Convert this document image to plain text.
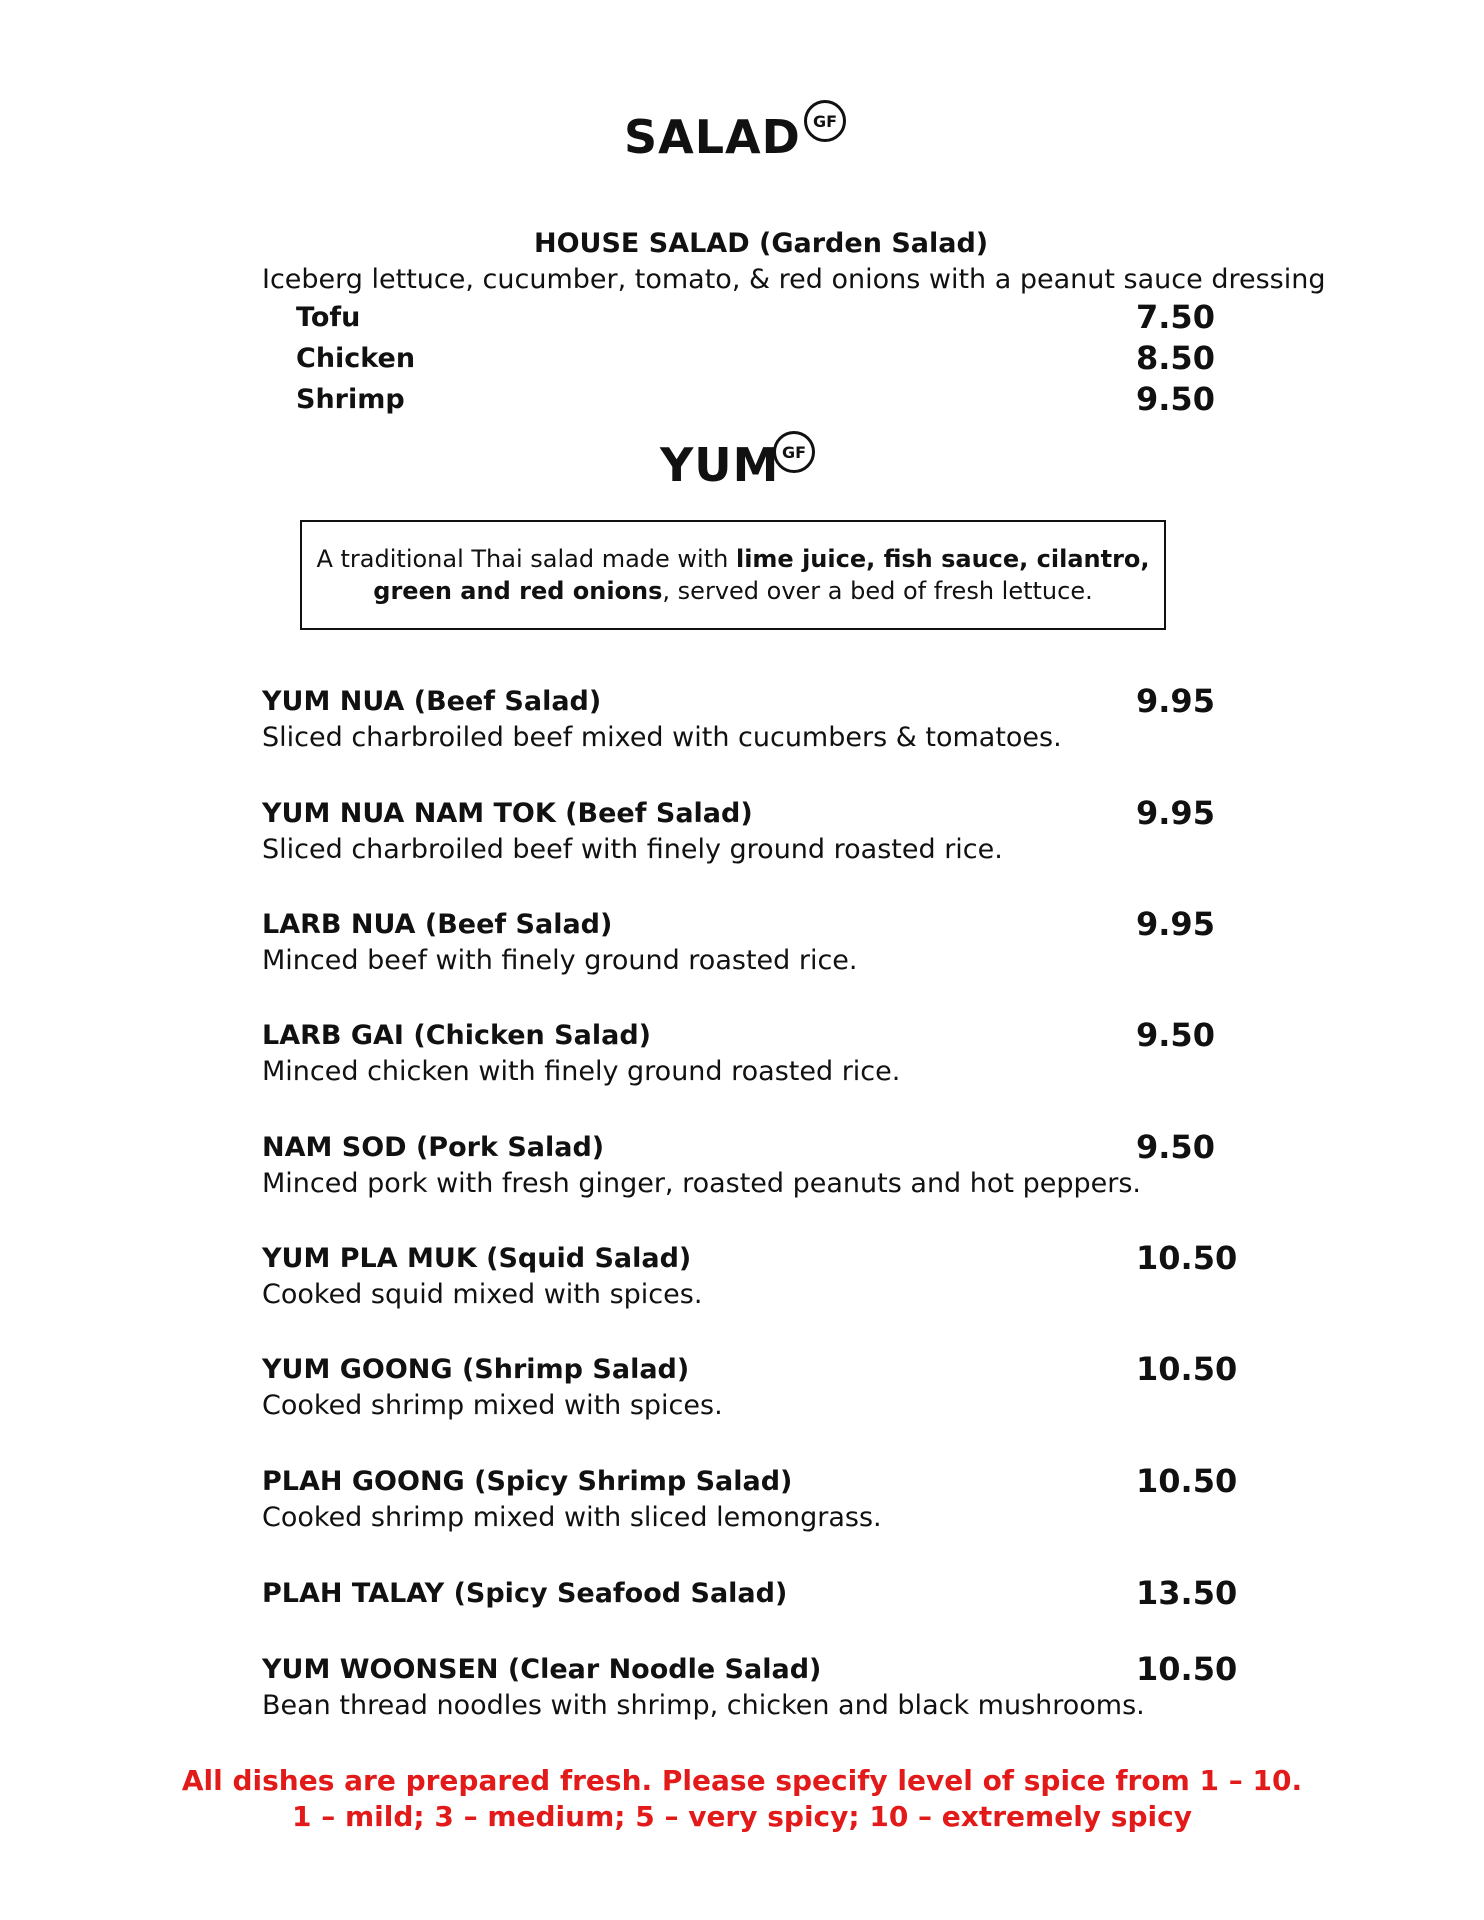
SALAD GF
HOUSE SALAD (Garden Salad)
Iceberg lettuce, cucumber, tomato, & red onions with a peanut sauce dressing
Tofu	7.50
Chicken	8.50
Shrimp	9.50
YUM GF
A traditional Thai salad made with lime juice, fish sauce, cilantro,
green and red onions, served over a bed of fresh lettuce.
YUM NUA (Beef Salad)	9.95
Sliced charbroiled beef mixed with cucumbers & tomatoes.
YUM NUA NAM TOK (Beef Salad)	9.95
Sliced charbroiled beef with finely ground roasted rice.
LARB NUA (Beef Salad)	9.95
Minced beef with finely ground roasted rice.
LARB GAI (Chicken Salad)	9.50
Minced chicken with finely ground roasted rice.
NAM SOD (Pork Salad)	9.50
Minced pork with fresh ginger, roasted peanuts and hot peppers.
YUM PLA MUK (Squid Salad)	10.50
Cooked squid mixed with spices.
YUM GOONG (Shrimp Salad)	10.50
Cooked shrimp mixed with spices.
PLAH GOONG (Spicy Shrimp Salad)	10.50
Cooked shrimp mixed with sliced lemongrass.
PLAH TALAY (Spicy Seafood Salad)	13.50
YUM WOONSEN (Clear Noodle Salad)	10.50
Bean thread noodles with shrimp, chicken and black mushrooms.
All dishes are prepared fresh. Please specify level of spice from 1 – 10.
1 – mild; 3 – medium; 5 – very spicy; 10 – extremely spicy
